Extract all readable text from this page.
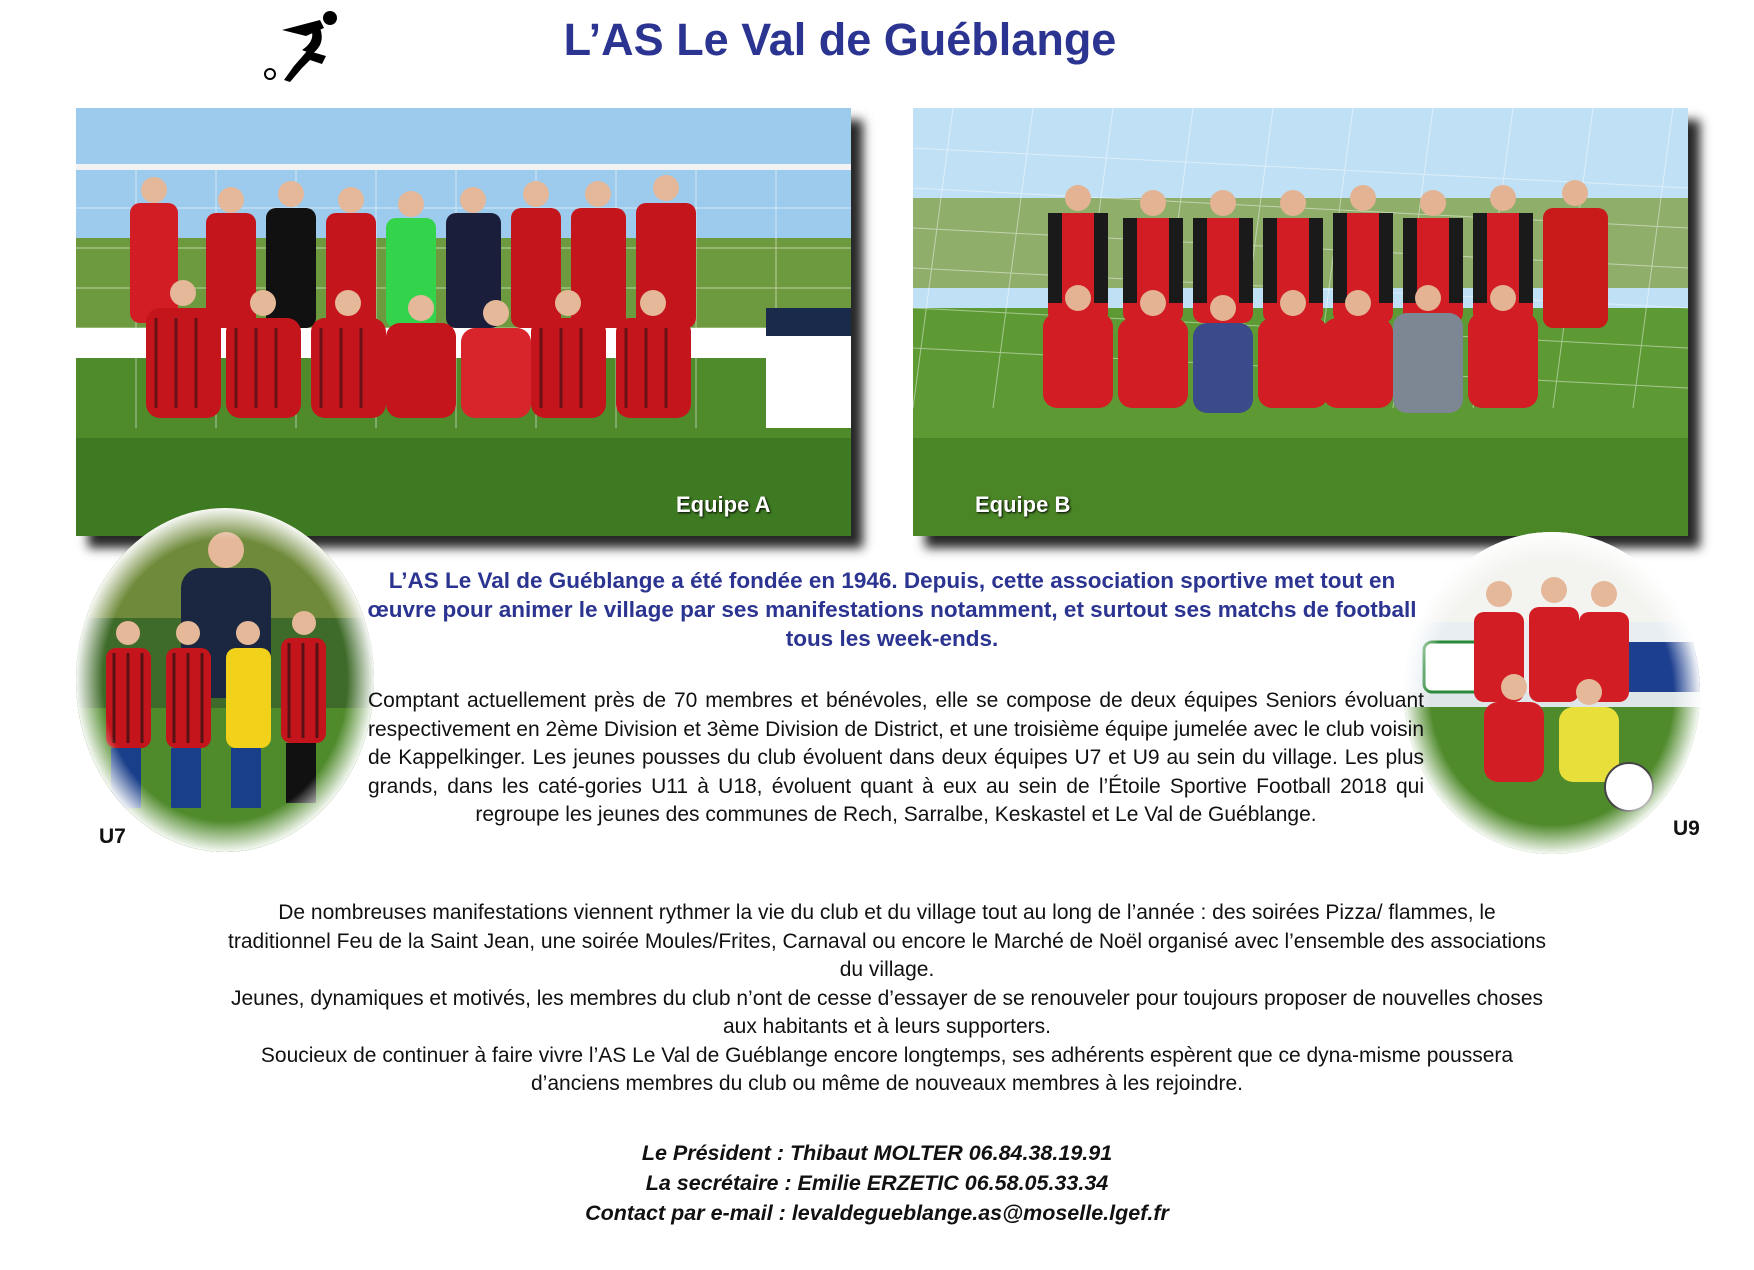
L’AS Le Val de Guéblange
Equipe A	Equipe B
U7	U9

L’AS Le Val de Guéblange a été fondée en 1946. Depuis, cette association sportive met tout en œuvre pour animer le village par ses manifestations notamment, et surtout ses matchs de football tous les week-ends.

Comptant actuellement près de 70 membres et bénévoles, elle se compose de deux équipes Seniors évoluant respectivement en 2ème Division et 3ème Division de District, et une troisième équipe jumelée avec le club voisin de Kappelkinger. Les jeunes pousses du club évoluent dans deux équipes U7 et U9 au sein du village. Les plus grands, dans les caté-gories U11 à U18, évoluent quant à eux au sein de l’Étoile Sportive Football 2018 qui regroupe les jeunes des communes de Rech, Sarralbe, Keskastel et Le Val de Guéblange.

De nombreuses manifestations viennent rythmer la vie du club et du village tout au long de l’année : des soirées Pizza/ flammes, le traditionnel Feu de la Saint Jean, une soirée Moules/Frites, Carnaval ou encore le Marché de Noël organisé avec l’ensemble des associations du village.
Jeunes, dynamiques et motivés, les membres du club n’ont de cesse d’essayer de se renouveler pour toujours proposer de nouvelles choses aux habitants et à leurs supporters.
Soucieux de continuer à faire vivre l’AS Le Val de Guéblange encore longtemps, ses adhérents espèrent que ce dyna-misme poussera d’anciens membres du club ou même de nouveaux membres à les rejoindre.
Le Président : Thibaut MOLTER 06.84.38.19.91
La secrétaire : Emilie ERZETIC 06.58.05.33.34
Contact par e-mail : levaldegueblange.as@moselle.lgef.fr
